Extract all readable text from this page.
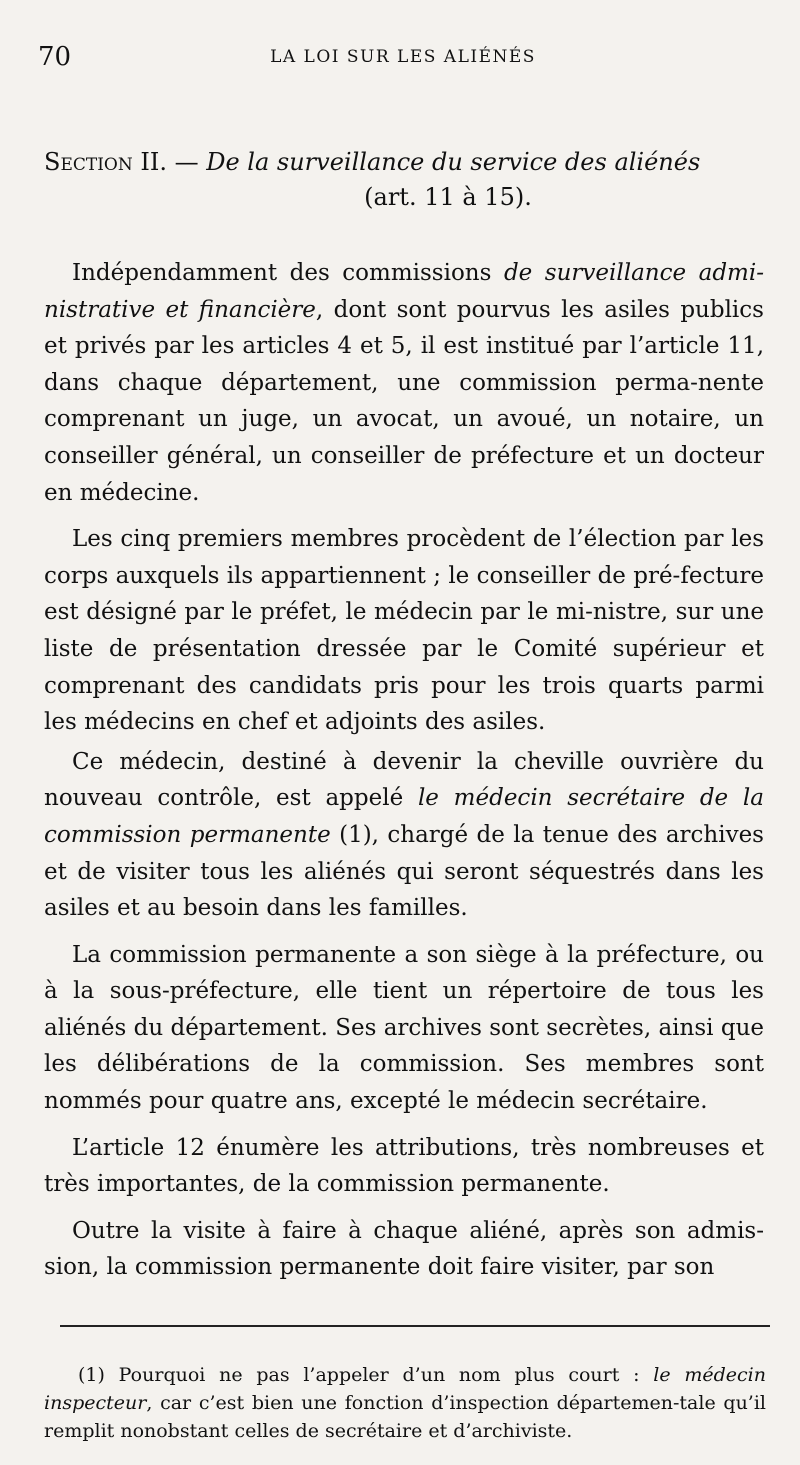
70	LA LOI SUR LES ALIÉNÉS
Section II. — De la surveillance du service des aliénés
(art. 11 à 15).

Indépendamment des commissions de surveillance admi-nistrative et financière, dont sont pourvus les asiles publics et privés par les articles 4 et 5, il est institué par l’article 11, dans chaque département, une commission perma-nente comprenant un juge, un avocat, un avoué, un notaire, un conseiller général, un conseiller de préfecture et un docteur en médecine.

Les cinq premiers membres procèdent de l’élection par les corps auxquels ils appartiennent ; le conseiller de pré-fecture est désigné par le préfet, le médecin par le mi-nistre, sur une liste de présentation dressée par le Comité supérieur et comprenant des candidats pris pour les trois quarts parmi les médecins en chef et adjoints des asiles.

Ce médecin, destiné à devenir la cheville ouvrière du nouveau contrôle, est appelé le médecin secrétaire de la commission permanente (1), chargé de la tenue des archives et de visiter tous les aliénés qui seront séquestrés dans les asiles et au besoin dans les familles.

La commission permanente a son siège à la préfecture, ou à la sous-préfecture, elle tient un répertoire de tous les aliénés du département. Ses archives sont secrètes, ainsi que les délibérations de la commission. Ses membres sont nommés pour quatre ans, excepté le médecin secrétaire.

L’article 12 énumère les attributions, très nombreuses et très importantes, de la commission permanente.

Outre la visite à faire à chaque aliéné, après son admis-sion, la commission permanente doit faire visiter, par son

(1) Pourquoi ne pas l’appeler d’un nom plus court : le médecin inspecteur, car c’est bien une fonction d’inspection départemen-tale qu’il remplit nonobstant celles de secrétaire et d’archiviste.
